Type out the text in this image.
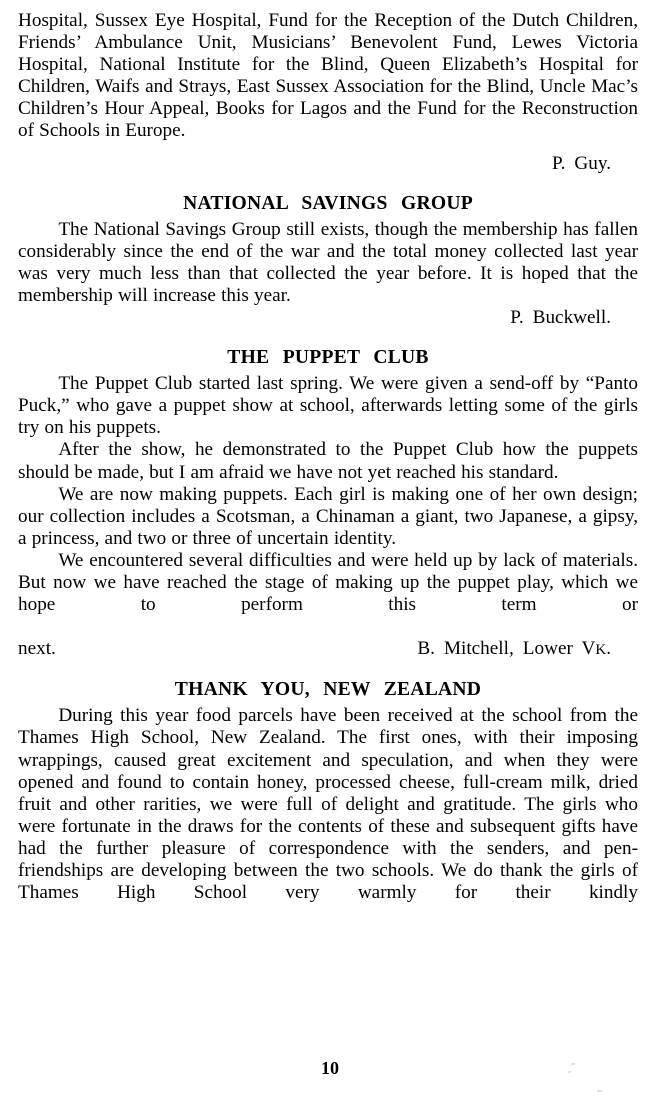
Hospital, Sussex Eye Hospital, Fund for the Reception of the Dutch Children, Friends’ Ambulance Unit, Musicians’ Benevolent Fund, Lewes Victoria Hospital, National Institute for the Blind, Queen Elizabeth’s Hospital for Children, Waifs and Strays, East Sussex Association for the Blind, Uncle Mac’s Children’s Hour Appeal, Books for Lagos and the Fund for the Reconstruction of Schools in Europe.

P. Guy.

NATIONAL SAVINGS GROUP

The National Savings Group still exists, though the membership has fallen considerably since the end of the war and the total money collected last year was very much less than that collected the year before. It is hoped that the membership will increase this year.

P. Buckwell.

THE PUPPET CLUB

The Puppet Club started last spring. We were given a send-off by “Panto Puck,” who gave a puppet show at school, afterwards letting some of the girls try on his puppets.

After the show, he demonstrated to the Puppet Club how the puppets should be made, but I am afraid we have not yet reached his standard.

We are now making puppets. Each girl is making one of her own design; our collection includes a Scotsman, a Chinaman a giant, two Japanese, a gipsy, a princess, and two or three of uncertain identity.

We encountered several difficulties and were held up by lack of materials. But now we have reached the stage of making up the puppet play, which we hope to perform this term or

next.	B. Mitchell, Lower VK.
THANK YOU, NEW ZEALAND

During this year food parcels have been received at the school from the Thames High School, New Zealand. The first ones, with their imposing wrappings, caused great excitement and speculation, and when they were opened and found to contain honey, processed cheese, full-cream milk, dried fruit and other rarities, we were full of delight and gratitude. The girls who were fortunate in the draws for the contents of these and subsequent gifts have had the further pleasure of correspondence with the senders, and pen-friendships are developing between the two schools. We do thank the girls of Thames High School very warmly for their kindly

10
